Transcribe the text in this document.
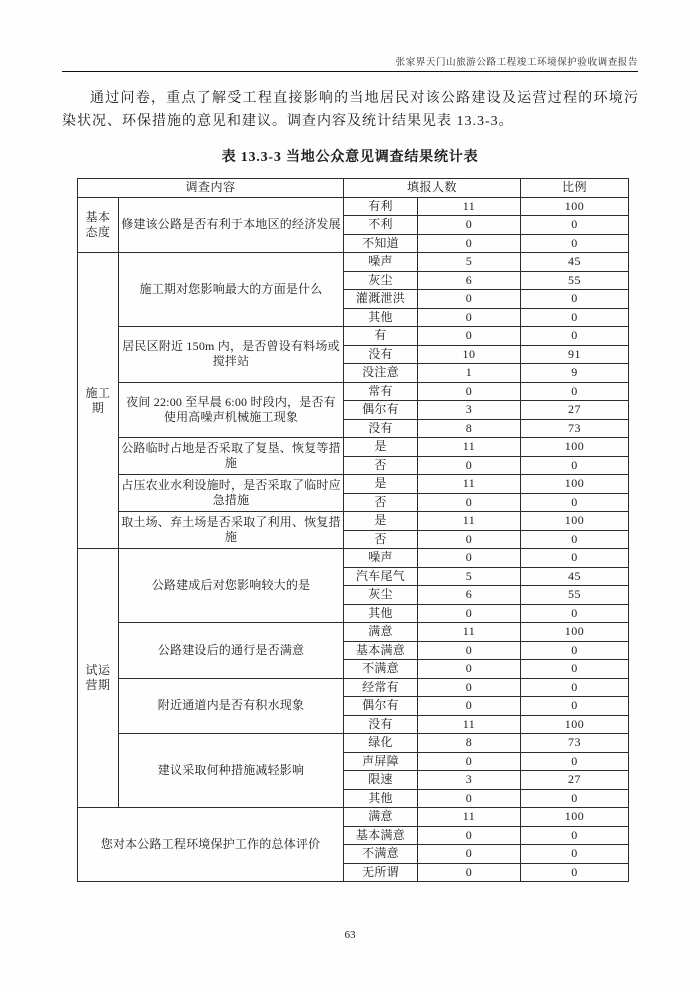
张家界天门山旅游公路工程竣工环境保护验收调查报告

通过问卷，重点了解受工程直接影响的当地居民对该公路建设及运营过程的环境污染状况、环保措施的意见和建议。调查内容及统计结果见表 13.3-3。

表 13.3-3 当地公众意见调查结果统计表
调查内容		填报人数		比例
基本态度	修建该公路是否有利于本地区的经济发展	有利	11	100
		不利	0	0
		不知道	0	0
施工期	施工期对您影响最大的方面是什么	噪声	5	45
		灰尘	6	55
		灌溉泄洪	0	0
		其他	0	0
	居民区附近 150m 内，是否曾设有料场或搅拌站	有	0	0
		没有	10	91
		没注意	1	9
	夜间 22:00 至早晨 6:00 时段内，是否有使用高噪声机械施工现象	常有	0	0
		偶尔有	3	27
		没有	8	73
	公路临时占地是否采取了复垦、恢复等措施	是	11	100
		否	0	0
	占压农业水利设施时，是否采取了临时应急措施	是	11	100
		否	0	0
	取土场、弃土场是否采取了利用、恢复措施	是	11	100
		否	0	0
试运营期	公路建成后对您影响较大的是	噪声	0	0
		汽车尾气	5	45
		灰尘	6	55
		其他	0	0
	公路建设后的通行是否满意	满意	11	100
		基本满意	0	0
		不满意	0	0
	附近通道内是否有积水现象	经常有	0	0
		偶尔有	0	0
		没有	11	100
	建议采取何种措施减轻影响	绿化	8	73
		声屏障	0	0
		限速	3	27
		其他	0	0
您对本公路工程环境保护工作的总体评价		满意	11	100
		基本满意	0	0
		不满意	0	0
		无所谓	0	0
63
